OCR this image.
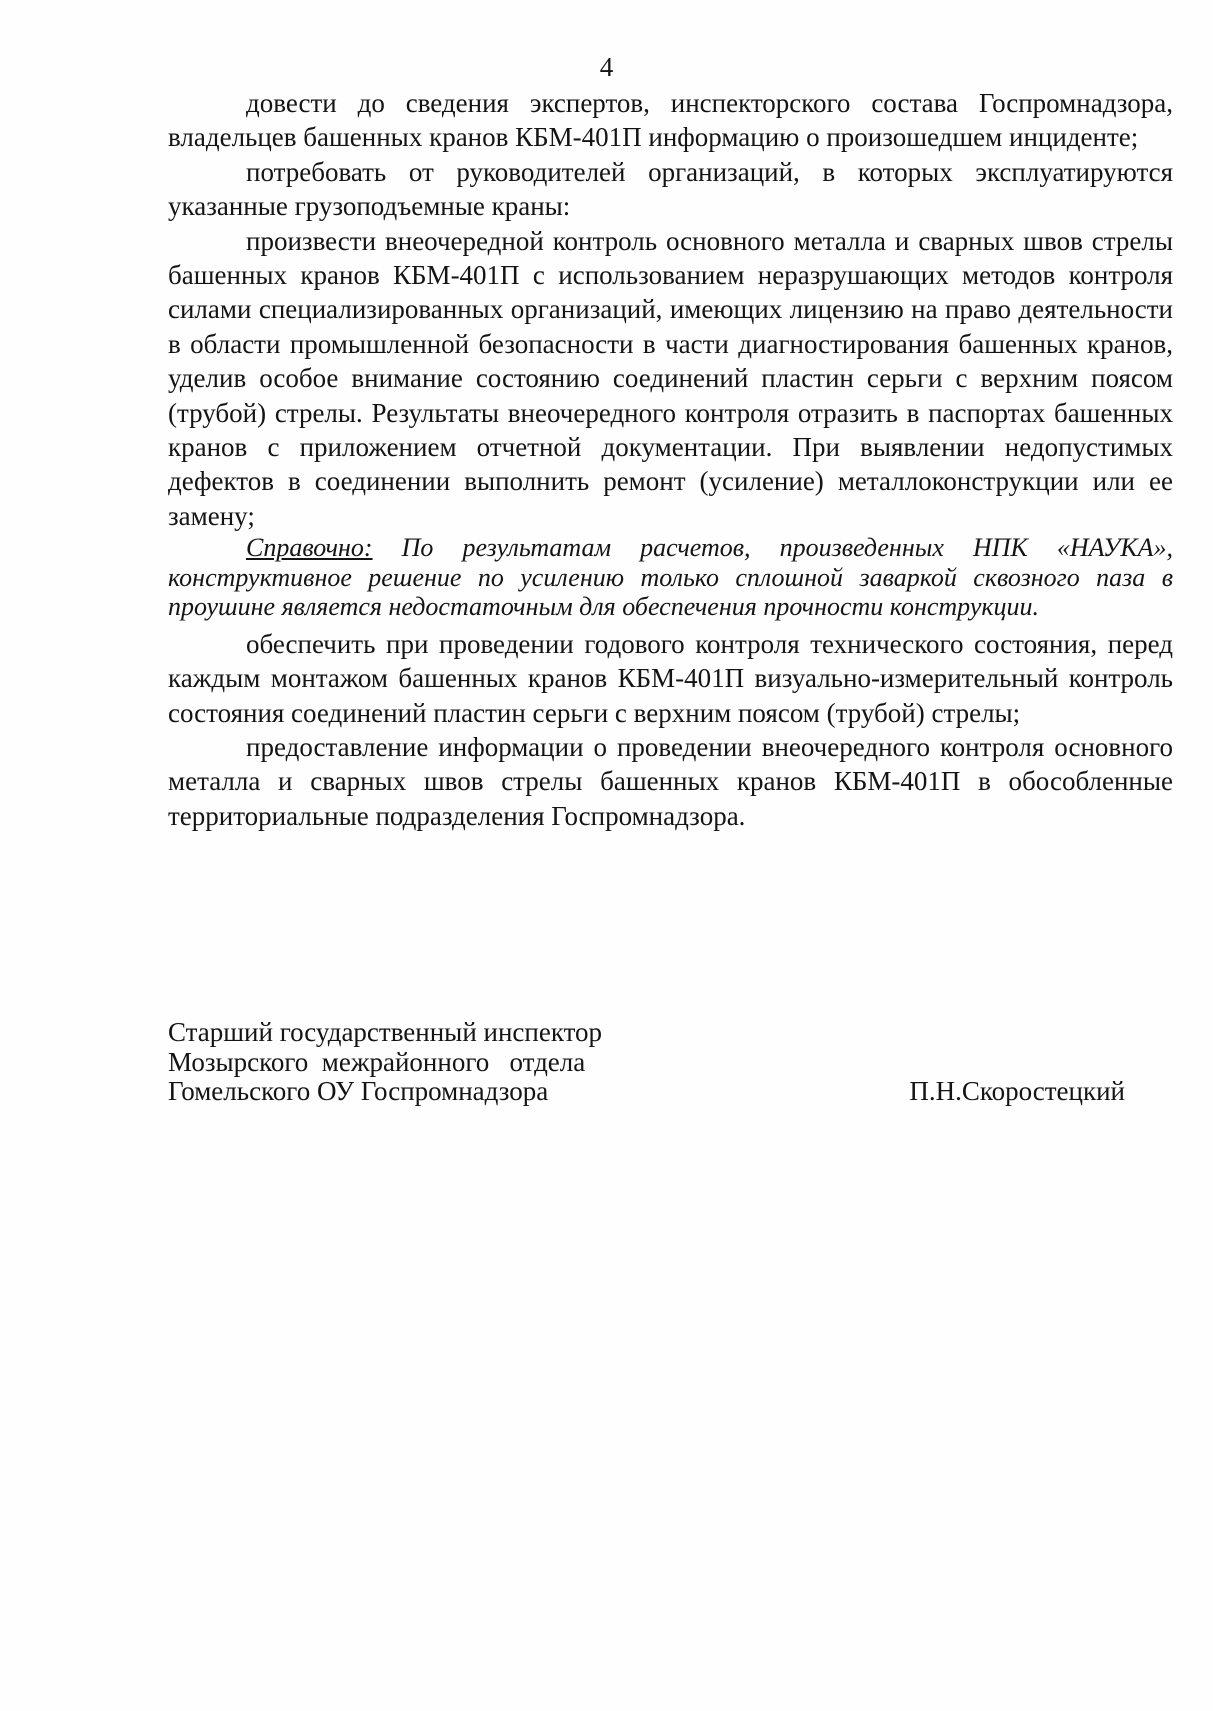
4

довести до сведения экспертов, инспекторского состава Госпромнадзора, владельцев башенных кранов КБМ-401П информацию о произошедшем инциденте;

потребовать от руководителей организаций, в которых эксплуатируются указанные грузоподъемные краны:

произвести внеочередной контроль основного металла и сварных швов стрелы башенных кранов КБМ-401П с использованием неразрушающих методов контроля силами специализированных организаций, имеющих лицензию на право деятельности в области промышленной безопасности в части диагностирования башенных кранов, уделив особое внимание состоянию соединений пластин серьги с верхним поясом (трубой) стрелы. Результаты внеочередного контроля отразить в паспортах башенных кранов с приложением отчетной документации. При выявлении недопустимых дефектов в соединении выполнить ремонт (усиление) металлоконструкции или ее замену;

Справочно: По результатам расчетов, произведенных НПК «НАУКА», конструктивное решение по усилению только сплошной заваркой сквозного паза в проушине является недостаточным для обеспечения прочности конструкции.

обеспечить при проведении годового контроля технического состояния, перед каждым монтажом башенных кранов КБМ-401П визуально-измерительный контроль состояния соединений пластин серьги с верхним поясом (трубой) стрелы;

предоставление информации о проведении внеочередного контроля основного металла и сварных швов стрелы башенных кранов КБМ-401П в обособленные территориальные подразделения Госпромнадзора.

Старший государственный инспектор
Мозырского  межрайонного   отдела
Гомельского ОУ Госпромнадзора	П.Н.Скоростецкий
